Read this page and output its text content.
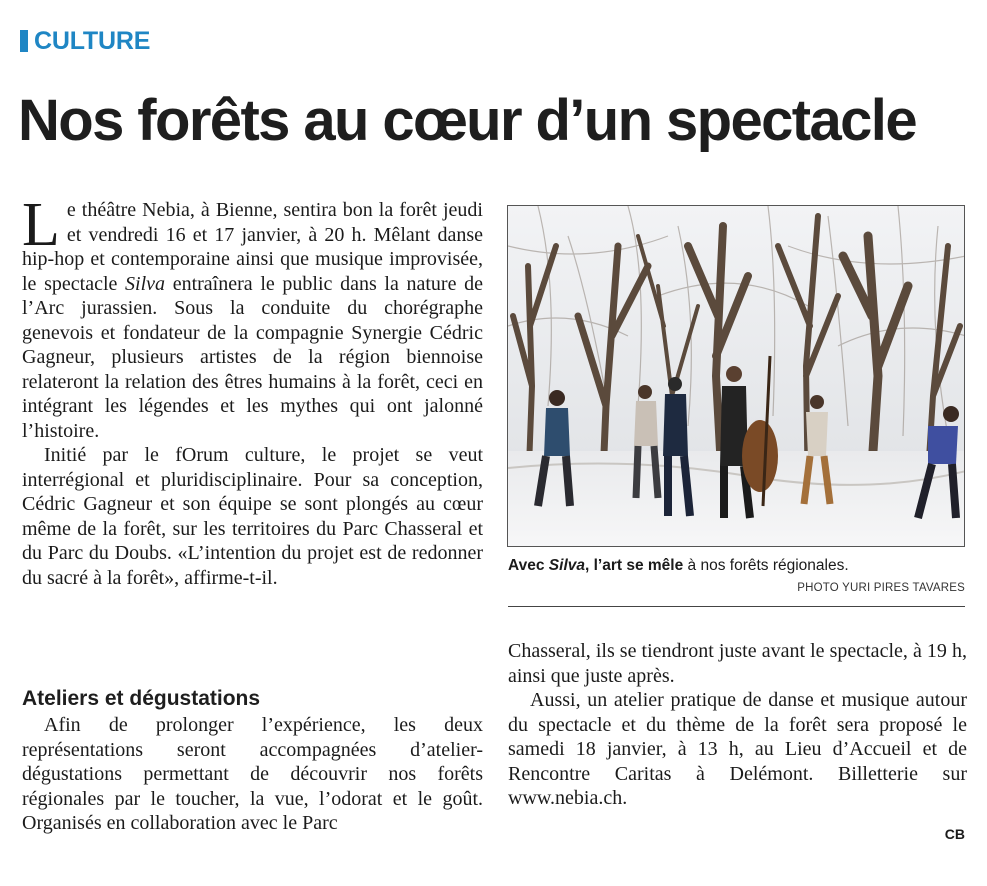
CULTURE
Nos forêts au cœur d’un spectacle

Le théâtre Nebia, à Bienne, sentira bon la forêt jeudi et vendredi 16 et 17 janvier, à 20 h. Mêlant danse hip-hop et contemporaine ainsi que musique improvisée, le spectacle Silva entraînera le public dans la nature de l’Arc jurassien. Sous la conduite du chorégraphe genevois et fondateur de la compagnie Synergie Cédric Gagneur, plusieurs artistes de la région biennoise relateront la relation des êtres humains à la forêt, ceci en intégrant les légendes et les mythes qui ont jalonné l’histoire.

Initié par le fOrum culture, le projet se veut interrégional et pluridisciplinaire. Pour sa conception, Cédric Gagneur et son équipe se sont plongés au cœur même de la forêt, sur les territoires du Parc Chasseral et du Parc du Doubs. «L’intention du projet est de redonner du sacré à la forêt», affirme-t-il.

Ateliers et dégustations

Afin de prolonger l’expérience, les deux représentations seront accompagnées d’atelier-dégustations permettant de découvrir nos forêts régionales par le toucher, la vue, l’odorat et le goût. Organisés en collaboration avec le Parc

Avec Silva, l’art se mêle à nos forêts régionales.
PHOTO YURI PIRES TAVARES

Chasseral, ils se tiendront juste avant le spectacle, à 19 h, ainsi que juste après.

Aussi, un atelier pratique de danse et musique autour du spectacle et du thème de la forêt sera proposé le samedi 18 janvier, à 13 h, au Lieu d’Accueil et de Rencontre Caritas à Delémont. Billetterie sur www.nebia.ch.

CB
